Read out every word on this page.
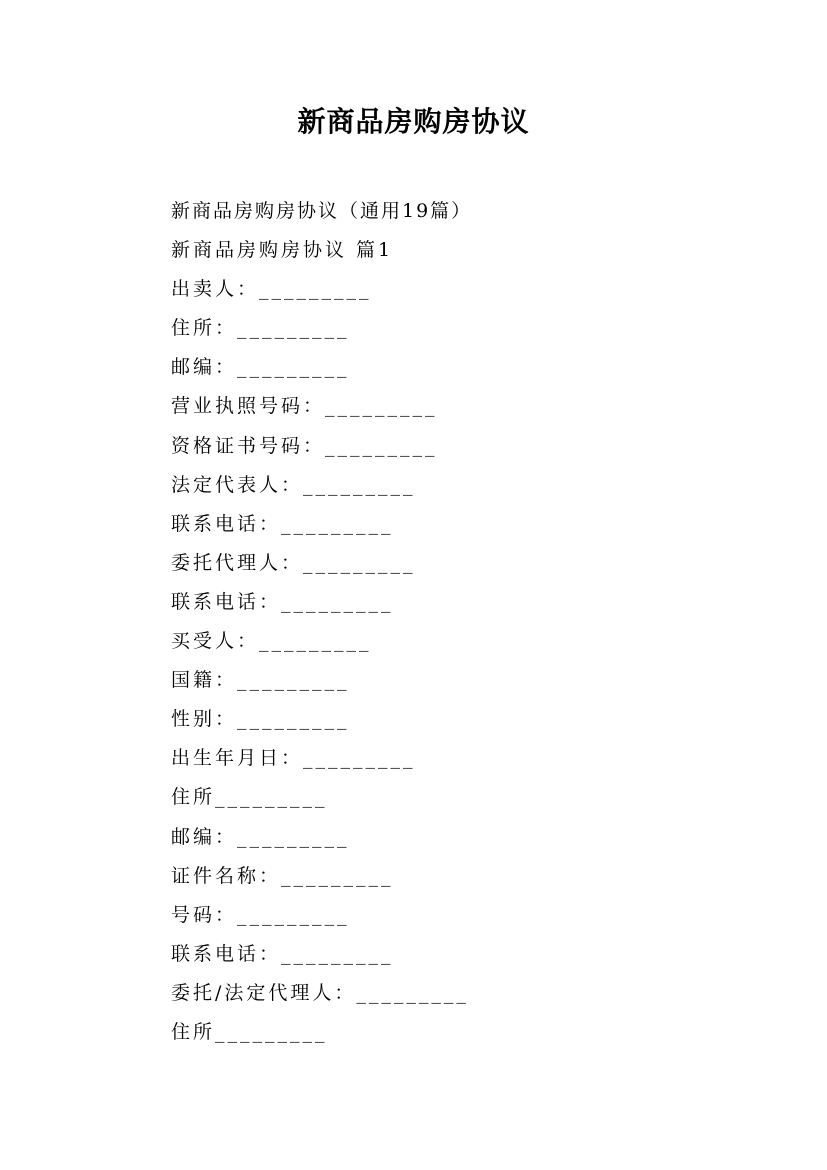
新商品房购房协议
新商品房购房协议（通用19篇）
新商品房购房协议 篇1
出卖人：_________
住所：_________
邮编：_________
营业执照号码：_________
资格证书号码：_________
法定代表人：_________
联系电话：_________
委托代理人：_________
联系电话：_________
买受人：_________
国籍：_________
性别：_________
出生年月日：_________
住所_________
邮编：_________
证件名称：_________
号码：_________
联系电话：_________
委托/法定代理人：_________
住所_________
